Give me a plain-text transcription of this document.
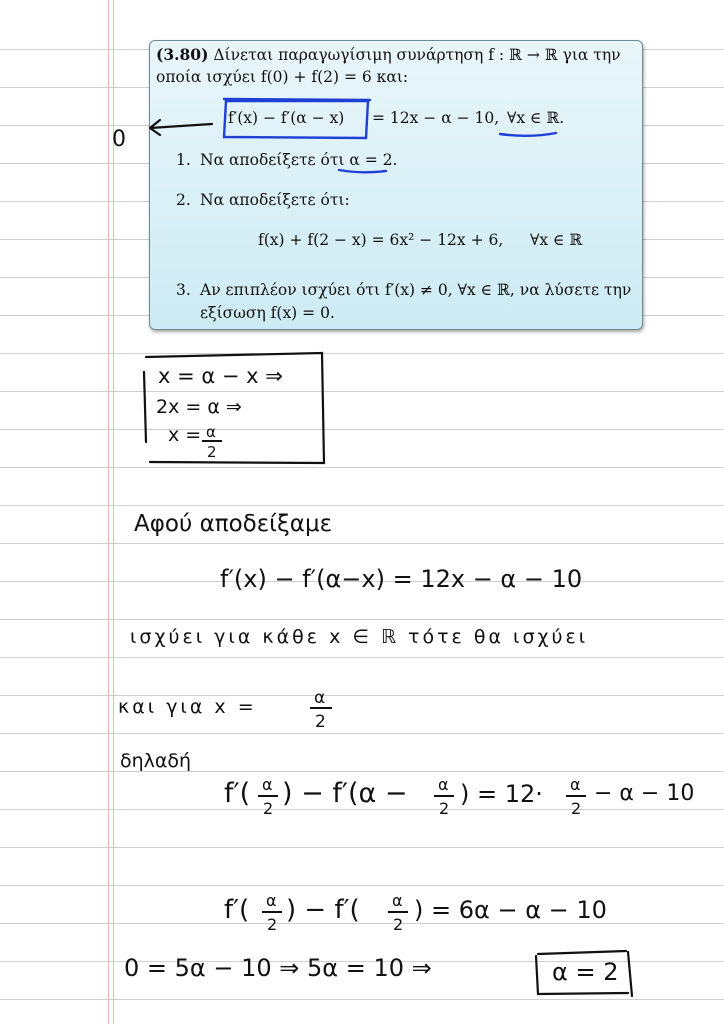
(3.80) Δίνεται παραγωγίσιμη συνάρτηση f : ℝ → ℝ για την
οποία ισχύει f(0) + f(2) = 6 και:
f′(x) − f′(α − x) = 12x − α − 10, ∀x ∈ ℝ.
1. Να αποδείξετε ότι α = 2.
2. Να αποδείξετε ότι:
f(x) + f(2 − x) = 6x² − 12x + 6, ∀x ∈ ℝ
3. Αν επιπλέον ισχύει ότι f′(x) ≠ 0, ∀x ∈ ℝ, να λύσετε την
εξίσωση f(x) = 0.
0
x = α − x ⇒
2x = α ⇒
x = α
2
Αφού αποδείξαμε
f′(x) − f′(α−x) = 12x − α − 10
ισχύει για κάθε x ∈ ℝ τότε θα ισχύει
και για x =	α
2
δηλαδή
f′( α
2 ) − f′(α − α
2
) = 12· α
2
− α − 10
f′( α
2 ) − f′( α
2
) = 6α − α − 10
0 = 5α − 10 ⇒ 5α = 10 ⇒	α = 2
